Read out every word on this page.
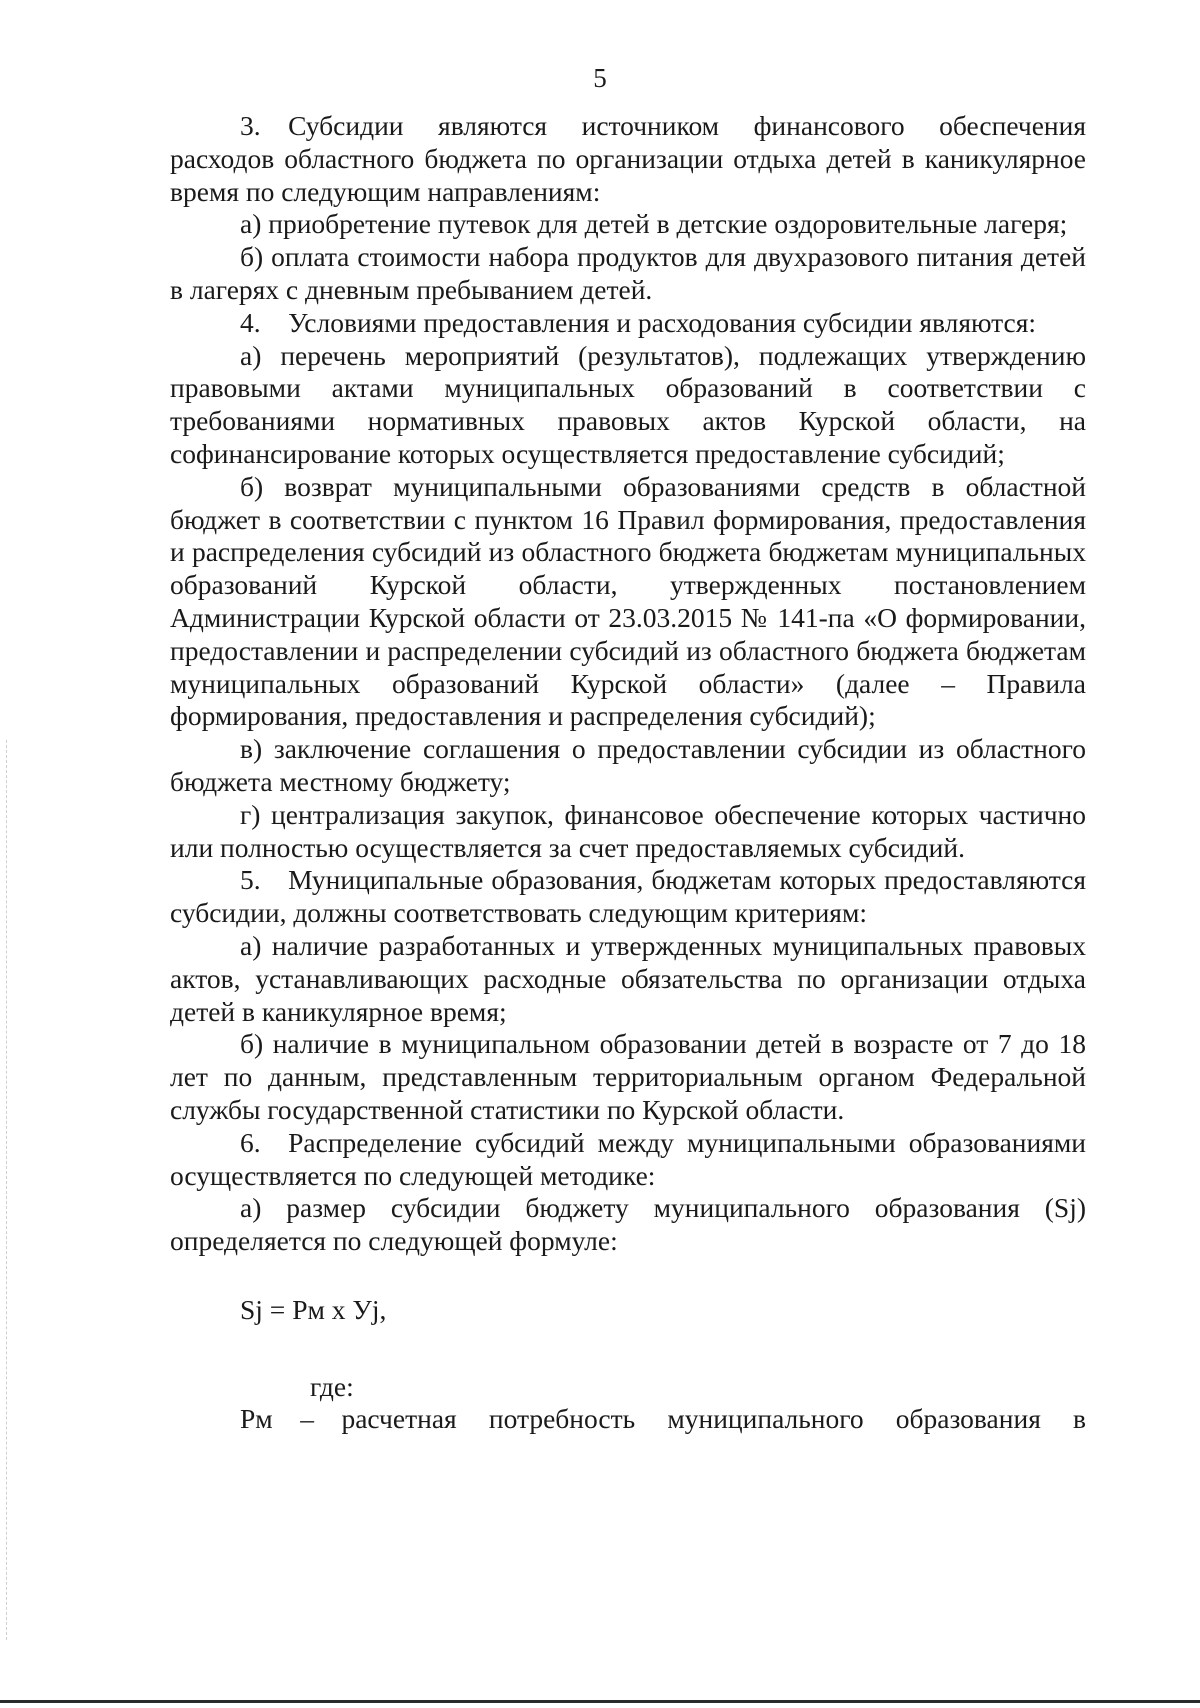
5

3. Субсидии являются источником финансового обеспечения расходов областного бюджета по организации отдыха детей в каникулярное время по следующим направлениям:

а) приобретение путевок для детей в детские оздоровительные лагеря;

б) оплата стоимости набора продуктов для двухразового питания детей в лагерях с дневным пребыванием детей.

4. Условиями предоставления и расходования субсидии являются:

а) перечень мероприятий (результатов), подлежащих утверждению правовыми актами муниципальных образований в соответствии с требованиями нормативных правовых актов Курской области, на софинансирование которых осуществляется предоставление субсидий;

б) возврат муниципальными образованиями средств в областной бюджет в соответствии с пунктом 16 Правил формирования, предоставления и распределения субсидий из областного бюджета бюджетам муниципальных образований Курской области, утвержденных постановлением Администрации Курской области от 23.03.2015 № 141-па «О формировании, предоставлении и распределении субсидий из областного бюджета бюджетам муниципальных образований Курской области» (далее – Правила формирования, предоставления и распределения субсидий);

в) заключение соглашения о предоставлении субсидии из областного бюджета местному бюджету;

г) централизация закупок, финансовое обеспечение которых частично или полностью осуществляется за счет предоставляемых субсидий.

5. Муниципальные образования, бюджетам которых предоставляются субсидии, должны соответствовать следующим критериям:

а) наличие разработанных и утвержденных муниципальных правовых актов, устанавливающих расходные обязательства по организации отдыха детей в каникулярное время;

б) наличие в муниципальном образовании детей в возрасте от 7 до 18 лет по данным, представленным территориальным органом Федеральной службы государственной статистики по Курской области.

6. Распределение субсидий между муниципальными образованиями осуществляется по следующей методике:

а) размер субсидии бюджету муниципального образования (Sj) определяется по следующей формуле:

Sj = Рм х Уj,

где:

Рм – расчетная потребность муниципального образования в
